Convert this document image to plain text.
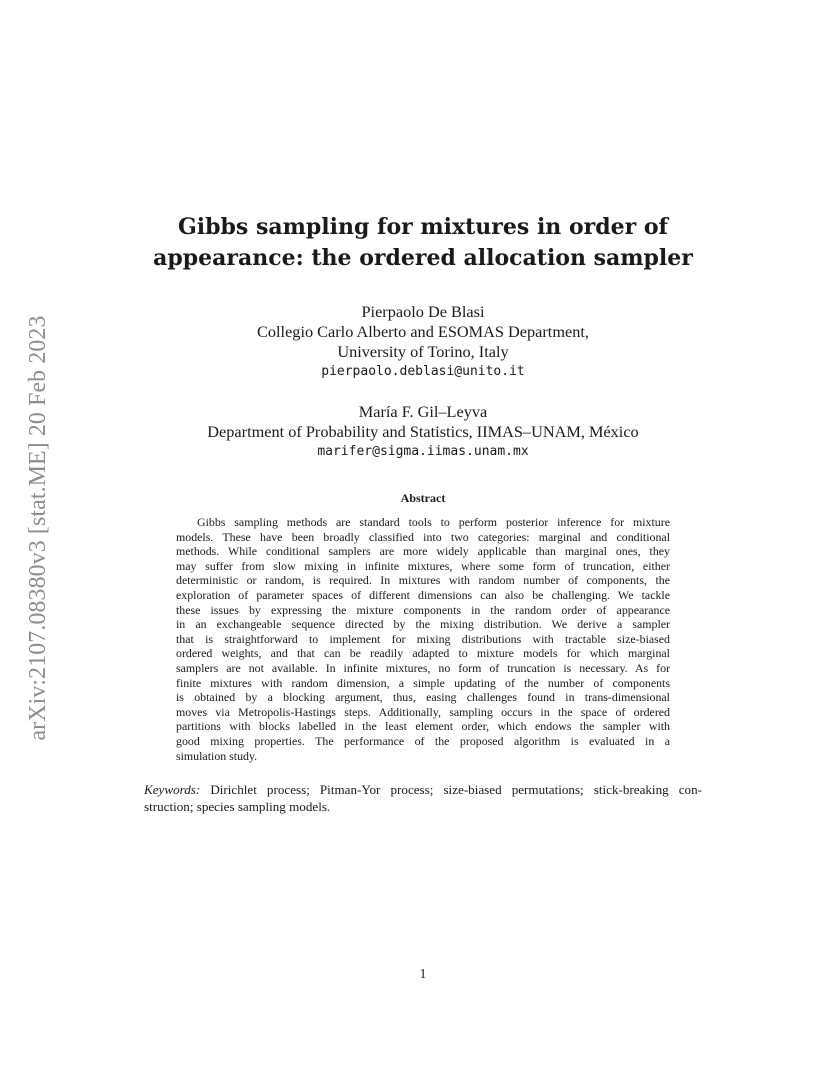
arXiv:2107.08380v3 [stat.ME] 20 Feb 2023
Gibbs sampling for mixtures in order of
appearance: the ordered allocation sampler
Pierpaolo De Blasi
Collegio Carlo Alberto and ESOMAS Department,
University of Torino, Italy
pierpaolo.deblasi@unito.it
María F. Gil–Leyva
Department of Probability and Statistics, IIMAS–UNAM, México
marifer@sigma.iimas.unam.mx
Abstract
Gibbs sampling methods are standard tools to perform posterior inference for mixture
models. These have been broadly classified into two categories: marginal and conditional
methods. While conditional samplers are more widely applicable than marginal ones, they
may suffer from slow mixing in infinite mixtures, where some form of truncation, either
deterministic or random, is required. In mixtures with random number of components, the
exploration of parameter spaces of different dimensions can also be challenging. We tackle
these issues by expressing the mixture components in the random order of appearance
in an exchangeable sequence directed by the mixing distribution. We derive a sampler
that is straightforward to implement for mixing distributions with tractable size-biased
ordered weights, and that can be readily adapted to mixture models for which marginal
samplers are not available. In infinite mixtures, no form of truncation is necessary. As for
finite mixtures with random dimension, a simple updating of the number of components
is obtained by a blocking argument, thus, easing challenges found in trans-dimensional
moves via Metropolis-Hastings steps. Additionally, sampling occurs in the space of ordered
partitions with blocks labelled in the least element order, which endows the sampler with
good mixing properties. The performance of the proposed algorithm is evaluated in a
simulation study.
Keywords: Dirichlet process; Pitman-Yor process; size-biased permutations; stick-breaking con-
struction; species sampling models.
1
